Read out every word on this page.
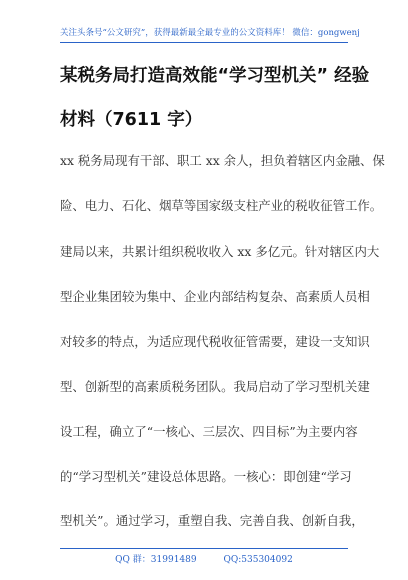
关注头条号“公文研究”，获得最新最全最专业的公文资料库！ 微信：gongwenj
某税务局打造高效能“学习型机关” 经验
材料（7611 字）
xx 税务局现有干部、职工 xx 余人，担负着辖区内金融、保
险、电力、石化、烟草等国家级支柱产业的税收征管工作。
建局以来，共累计组织税收收入 xx 多亿元。针对辖区内大
型企业集团较为集中、企业内部结构复杂、高素质人员相
对较多的特点，为适应现代税收征管需要，建设一支知识
型、创新型的高素质税务团队。我局启动了学习型机关建
设工程，确立了“一核心、三层次、四目标”为主要内容
的“学习型机关”建设总体思路。一核心：即创建“学习
型机关”。通过学习，重塑自我、完善自我、创新自我，
QQ 群：31991489	QQ:535304092
